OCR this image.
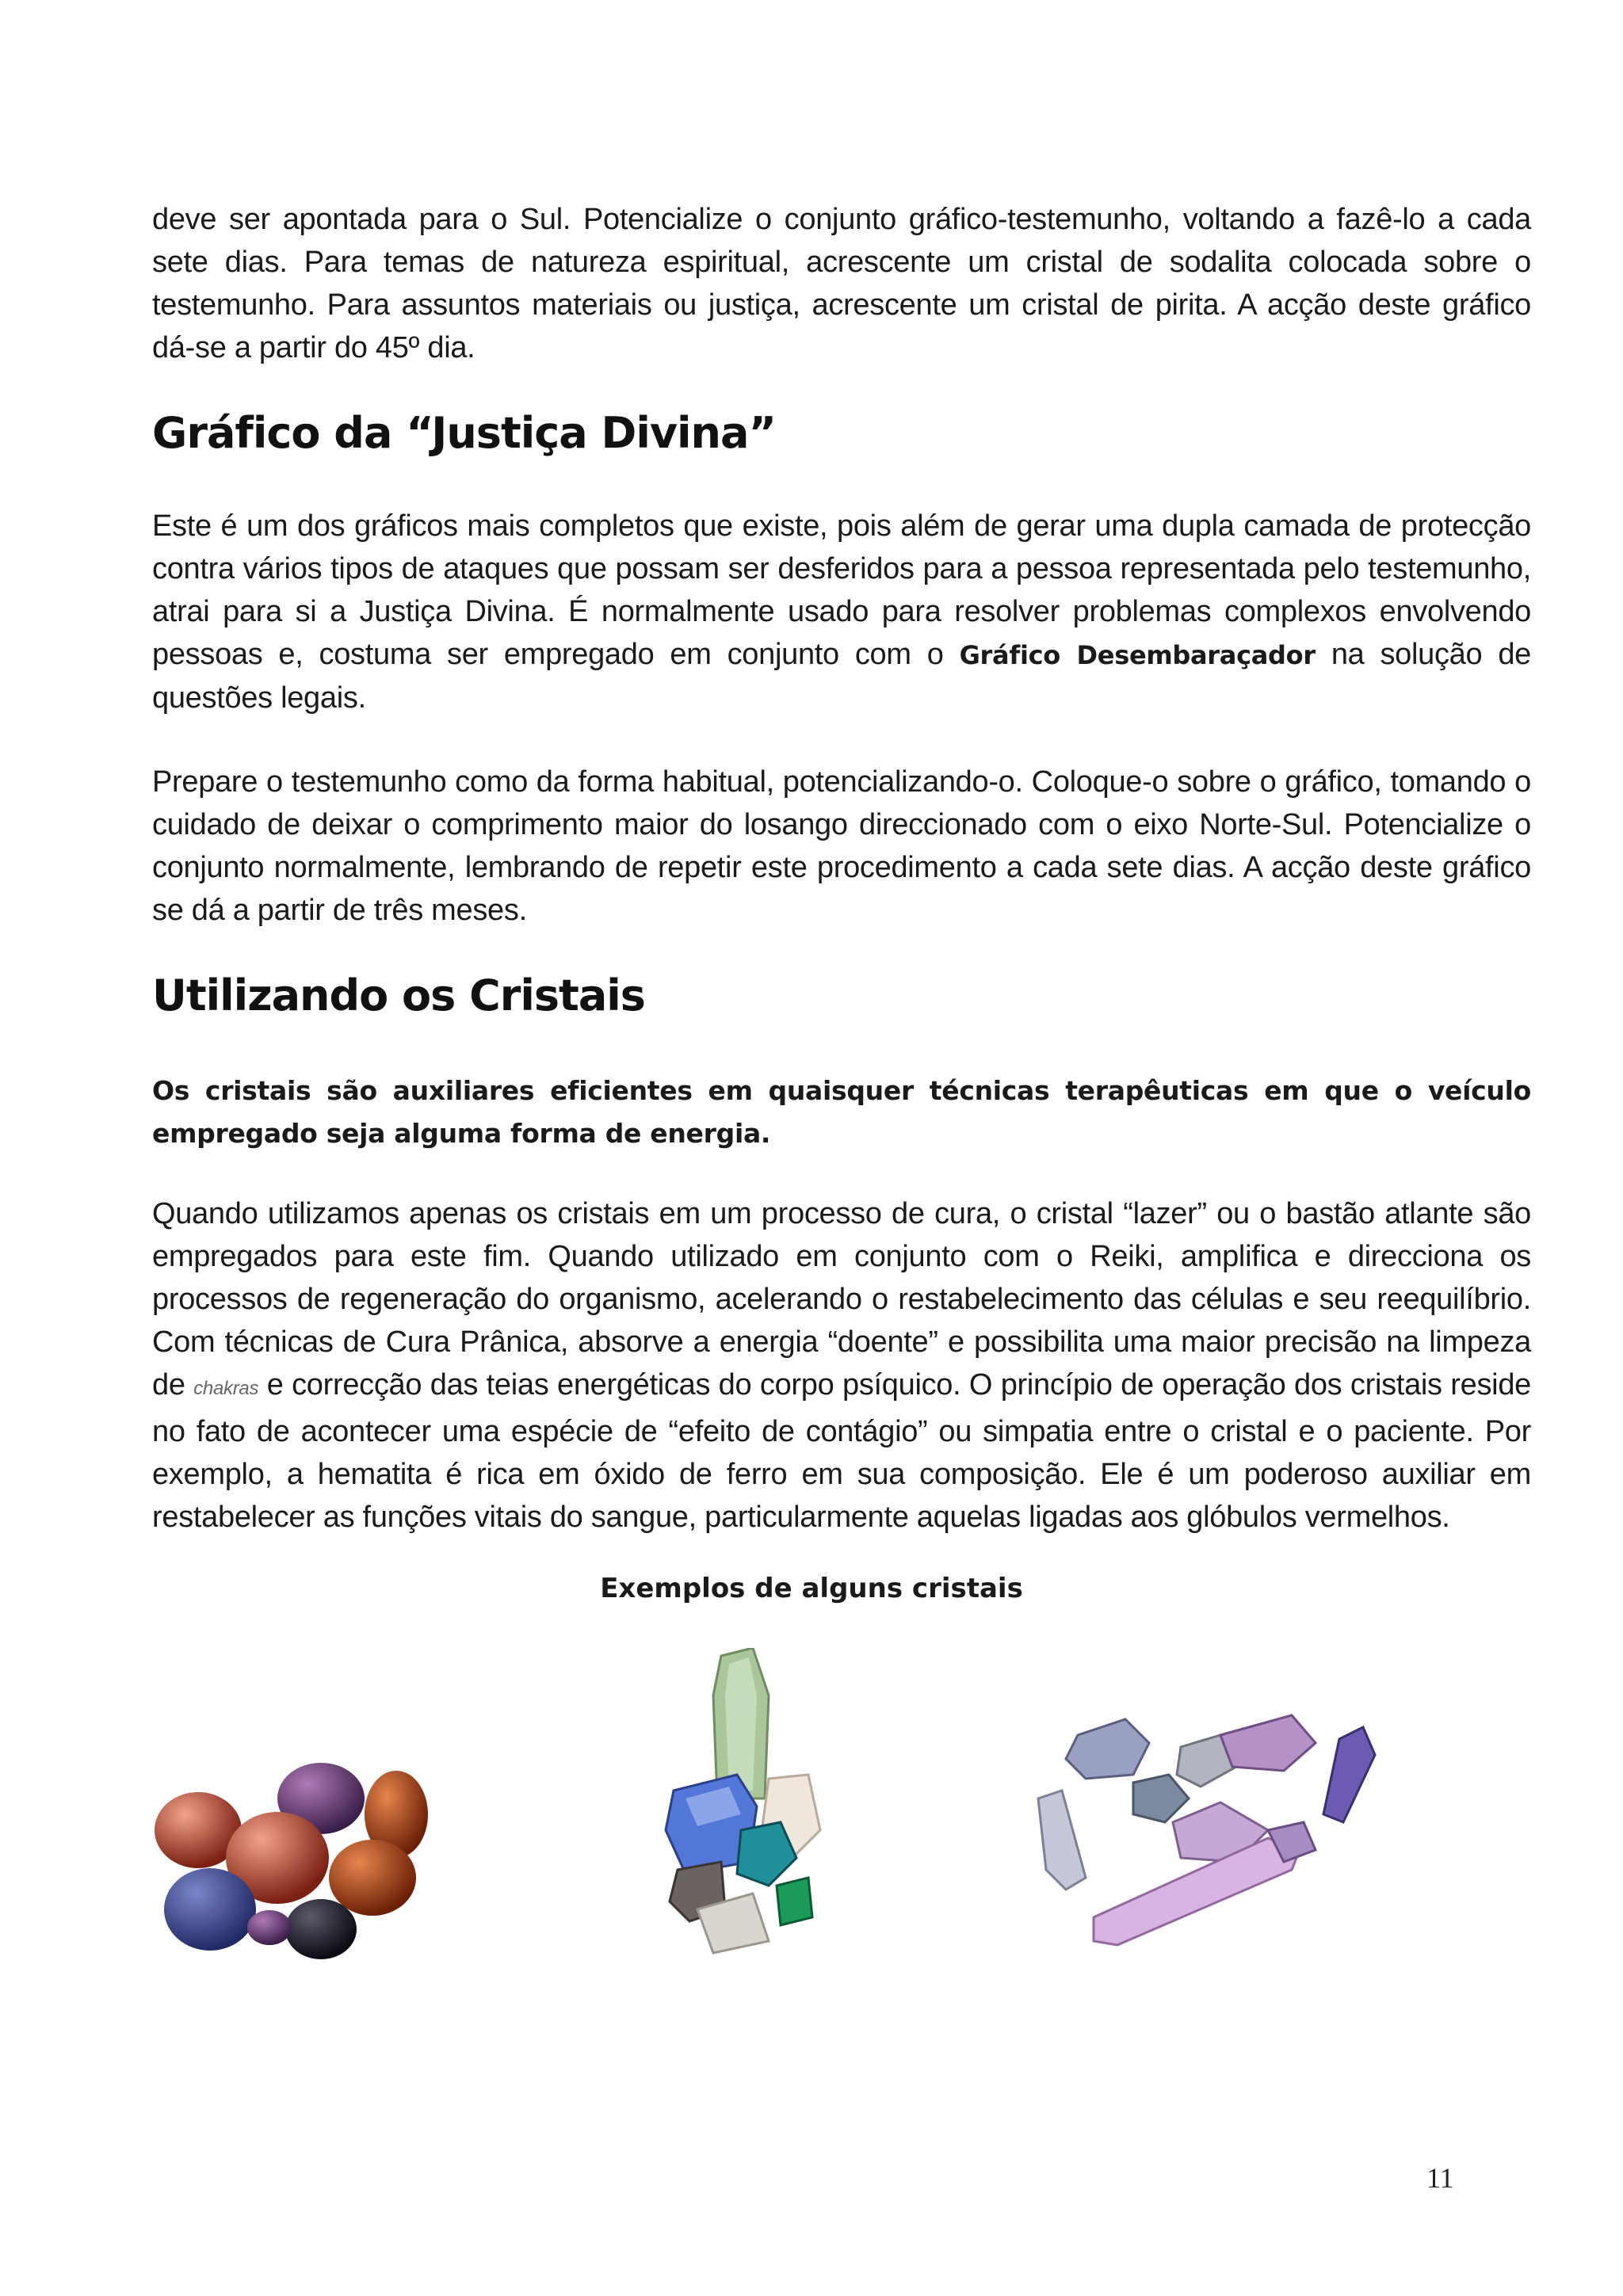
deve ser apontada para o Sul. Potencialize o conjunto gráfico-testemunho, voltando a fazê-lo a cada sete dias. Para temas de natureza espiritual, acrescente um cristal de sodalita colocada sobre o testemunho. Para assuntos materiais ou justiça, acrescente um cristal de pirita. A acção deste gráfico dá-se a partir do 45º dia.

Gráfico da “Justiça Divina”

Este é um dos gráficos mais completos que existe, pois além de gerar uma dupla camada de protecção contra vários tipos de ataques que possam ser desferidos para a pessoa representada pelo testemunho, atrai para si a Justiça Divina. É normalmente usado para resolver problemas complexos envolvendo pessoas e, costuma ser empregado em conjunto com o Gráfico Desembaraçador na solução de questões legais.

Prepare o testemunho como da forma habitual, potencializando-o. Coloque-o sobre o gráfico, tomando o cuidado de deixar o comprimento maior do losango direccionado com o eixo Norte-Sul. Potencialize o conjunto normalmente, lembrando de repetir este procedimento a cada sete dias. A acção deste gráfico se dá a partir de três meses.

Utilizando os Cristais

Os cristais são auxiliares eficientes em quaisquer técnicas terapêuticas em que o veículo empregado seja alguma forma de energia.

Quando utilizamos apenas os cristais em um processo de cura, o cristal “lazer” ou o bastão atlante são empregados para este fim. Quando utilizado em conjunto com o Reiki, amplifica e direcciona os processos de regeneração do organismo, acelerando o restabelecimento das células e seu reequilíbrio. Com técnicas de Cura Prânica, absorve a energia “doente” e possibilita uma maior precisão na limpeza de chakras e correcção das teias energéticas do corpo psíquico. O princípio de operação dos cristais reside no fato de acontecer uma espécie de “efeito de contágio” ou simpatia entre o cristal e o paciente. Por exemplo, a hematita é rica em óxido de ferro em sua composição. Ele é um poderoso auxiliar em restabelecer as funções vitais do sangue, particularmente aquelas ligadas aos glóbulos vermelhos.

Exemplos de alguns cristais
11
